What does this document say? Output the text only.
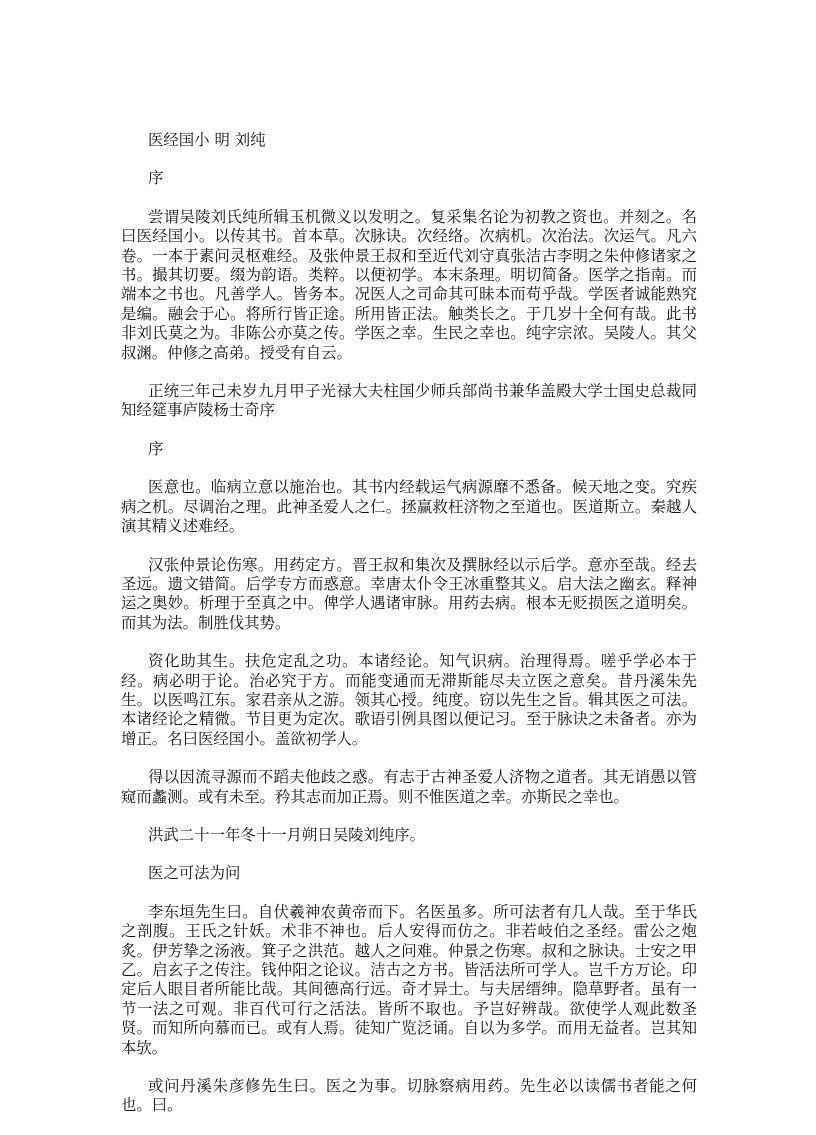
医经国小 明 刘纯

序

尝谓吴陵刘氏纯所辑玉机微义以发明之。复采集名论为初教之资也。并刻之。名曰医经国小。以传其书。首本草。次脉诀。次经络。次病机。次治法。次运气。凡六卷。一本于素问灵枢难经。及张仲景王叔和至近代刘守真张洁古李明之朱仲修诸家之书。撮其切要。缀为韵语。类粹。以便初学。本末条理。明切简备。医学之指南。而端本之书也。凡善学人。皆务本。况医人之司命其可昧本而苟乎哉。学医者诚能熟究是编。融会于心。将所行皆正途。所用皆正法。触类长之。于几岁十全何有哉。此书非刘氏莫之为。非陈公亦莫之传。学医之幸。生民之幸也。纯字宗浓。吴陵人。其父叔渊。仲修之高弟。授受有自云。

正统三年己未岁九月甲子光禄大夫柱国少师兵部尚书兼华盖殿大学士国史总裁同知经筵事庐陵杨士奇序

序

医意也。临病立意以施治也。其书内经载运气病源靡不悉备。候天地之变。究疾病之机。尽调治之理。此神圣爱人之仁。拯赢救枉济物之至道也。医道斯立。秦越人演其精义述难经。

汉张仲景论伤寒。用药定方。晋王叔和集次及撰脉经以示后学。意亦至哉。经去圣远。遗文错简。后学专方而惑意。幸唐太仆令王冰重整其义。启大法之幽玄。释神运之奥妙。析理于至真之中。俾学人遇诸审脉。用药去病。根本无贬损医之道明矣。而其为法。制胜伐其势。

资化助其生。扶危定乱之功。本诸经论。知气识病。治理得焉。嗟乎学必本于经。病必明于论。治必究于方。而能变通而无滞斯能尽夫立医之意矣。昔丹溪朱先生。以医鸣江东。家君亲从之游。领其心授。纯度。窃以先生之旨。辑其医之可法。本诸经论之精微。节目更为定次。歌语引例具图以便记习。至于脉诀之未备者。亦为增正。名曰医经国小。盖欲初学人。

得以因流寻源而不蹈夫他歧之惑。有志于古神圣爱人济物之道者。其无诮愚以管窥而蠡测。或有未至。矜其志而加正焉。则不惟医道之幸。亦斯民之幸也。

洪武二十一年冬十一月朔日吴陵刘纯序。

医之可法为问

李东垣先生曰。自伏羲神农黄帝而下。名医虽多。所可法者有几人哉。至于华氏之剖腹。王氏之针妖。术非不神也。后人安得而仿之。非若岐伯之圣经。雷公之炮炙。伊芳挚之汤液。箕子之洪范。越人之问难。仲景之伤寒。叔和之脉诀。士安之甲乙。启玄子之传注。钱仲阳之论议。洁古之方书。皆活法所可学人。岂千方万论。印定后人眼目者所能比哉。其间德高行远。奇才异士。与夫居缙绅。隐草野者。虽有一节一法之可观。非百代可行之活法。皆所不取也。予岂好辨哉。欲使学人观此数圣贤。而知所向慕而已。或有人焉。徒知广览泛诵。自以为多学。而用无益者。岂其知本欤。

或问丹溪朱彦修先生曰。医之为事。切脉察病用药。先生必以读儒书者能之何也。曰。
